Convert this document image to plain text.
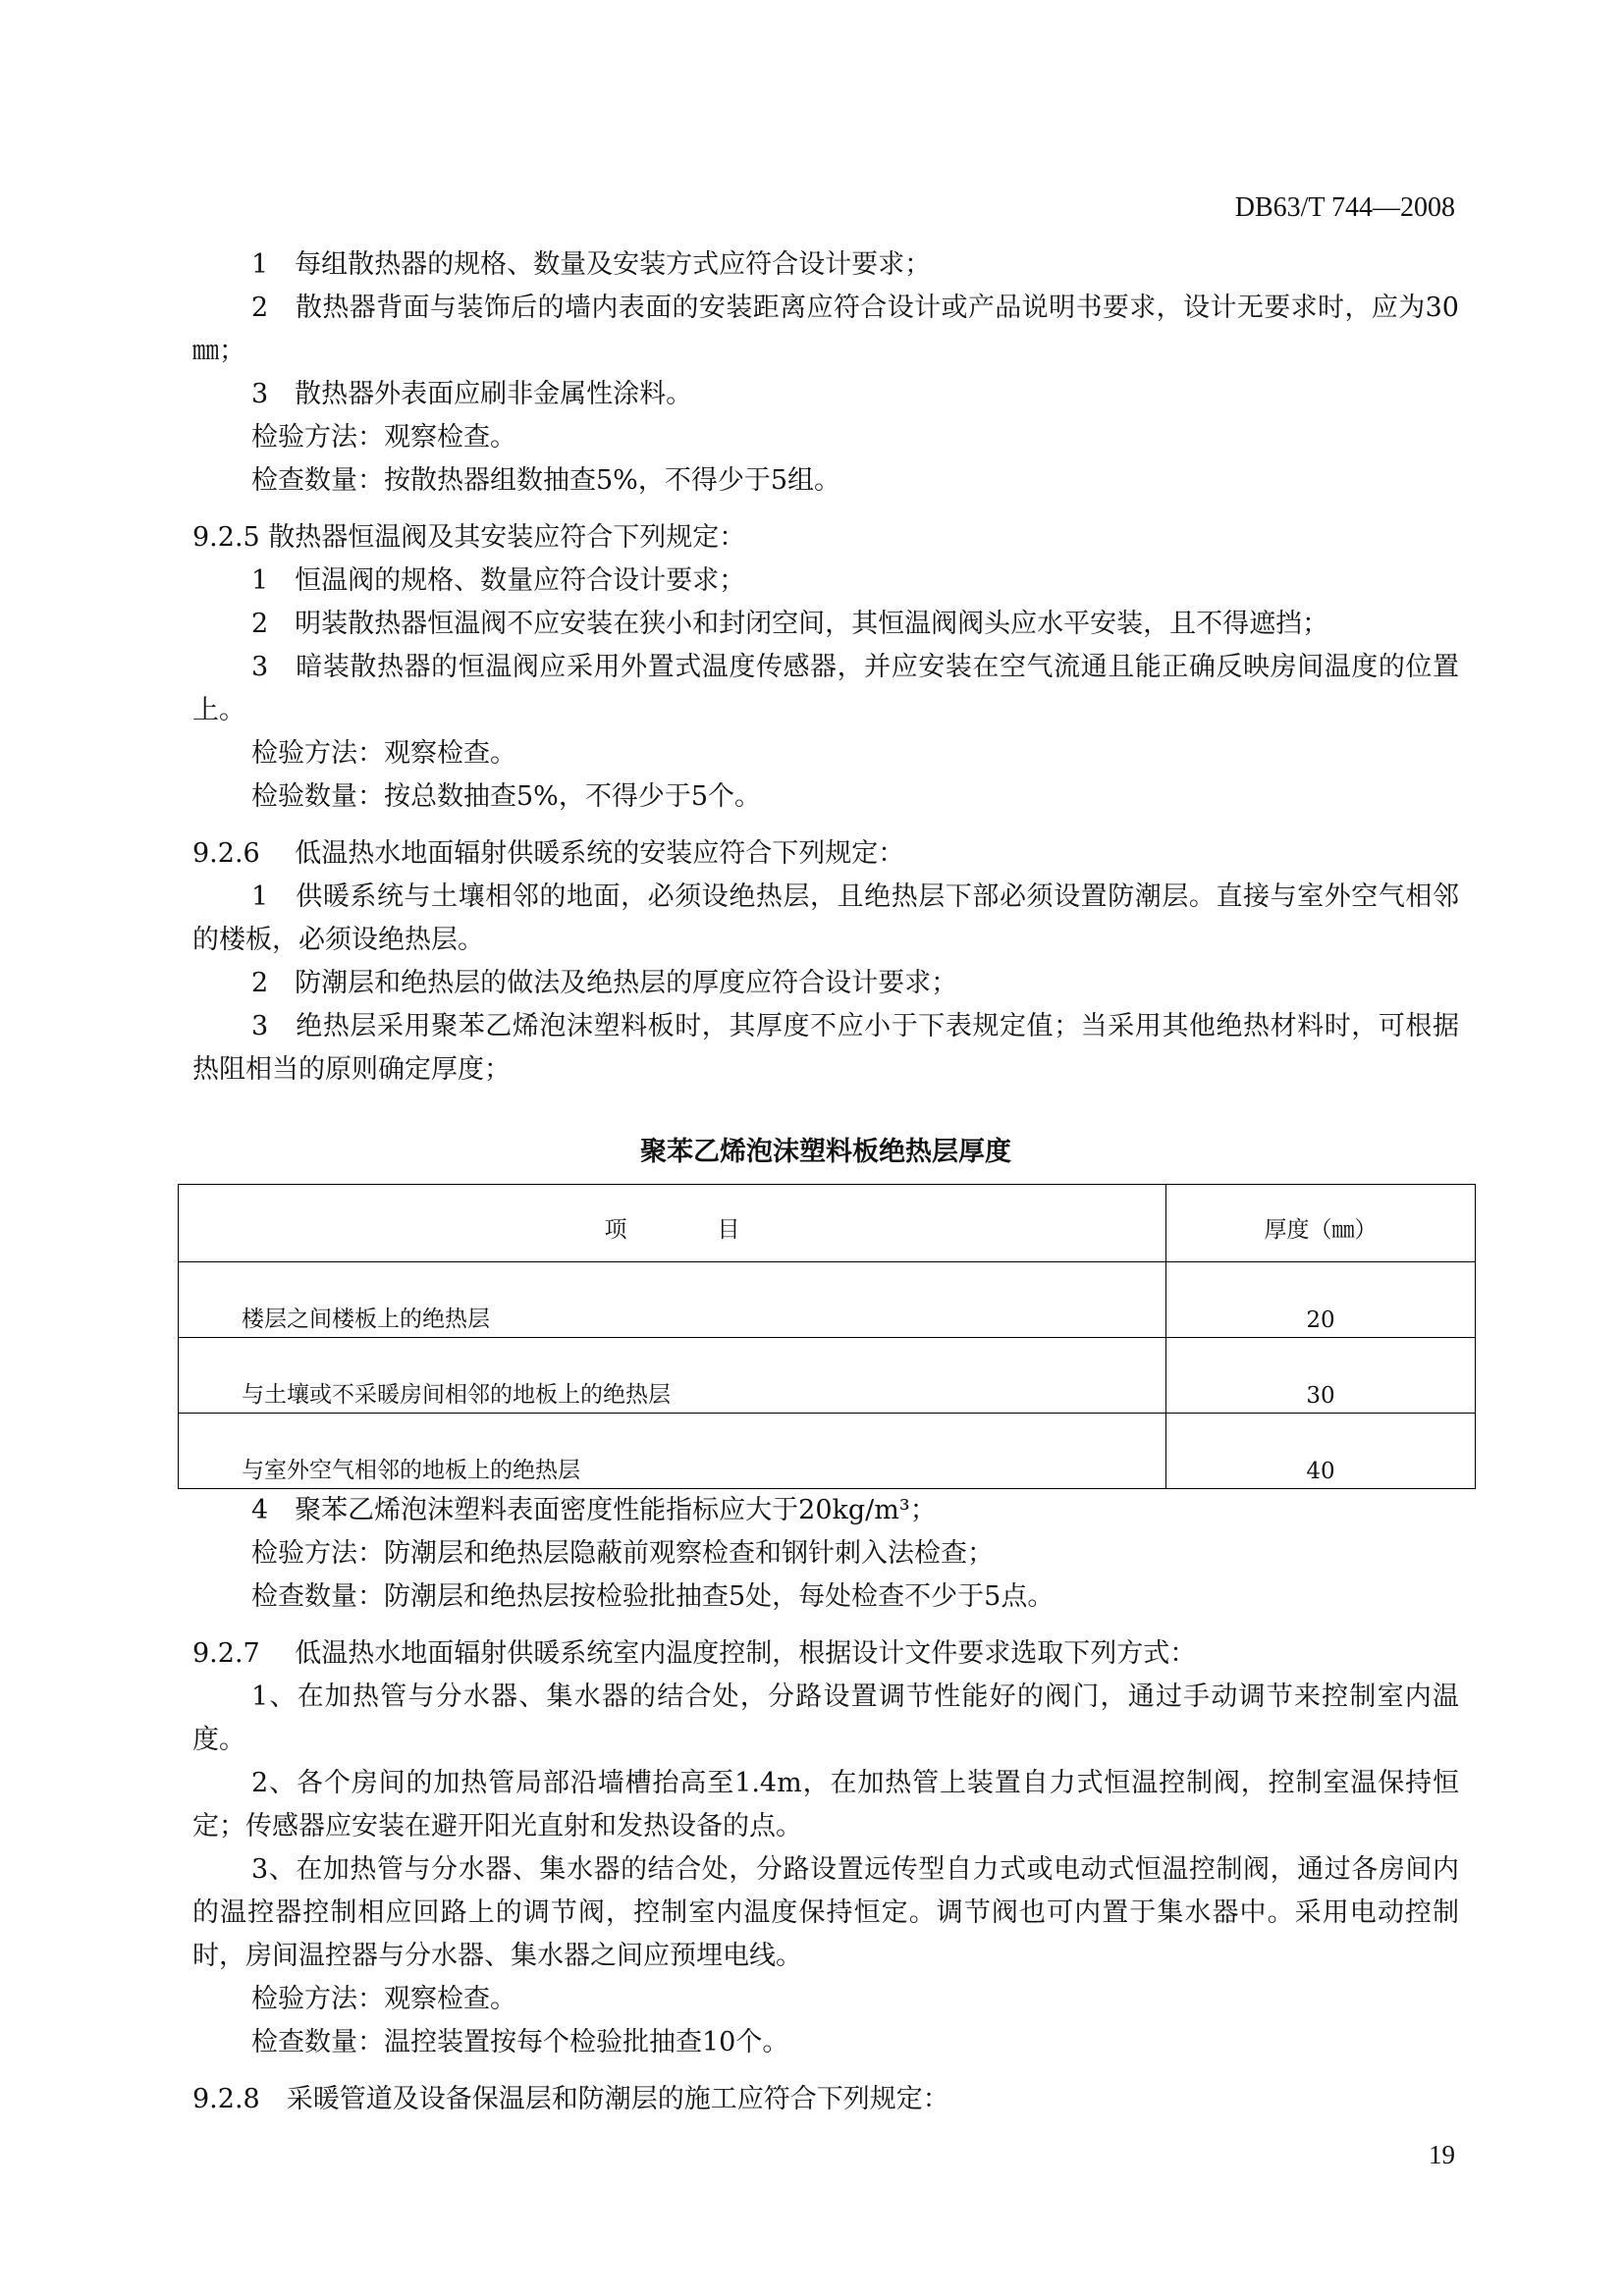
DB63/T 744—2008
1　每组散热器的规格、数量及安装方式应符合设计要求；
2　散热器背面与装饰后的墙内表面的安装距离应符合设计或产品说明书要求，设计无要求时，应为30㎜；
3　散热器外表面应刷非金属性涂料。
检验方法：观察检查。
检查数量：按散热器组数抽查5%，不得少于5组。
9.2.5 散热器恒温阀及其安装应符合下列规定：
1　恒温阀的规格、数量应符合设计要求；
2　明装散热器恒温阀不应安装在狭小和封闭空间，其恒温阀阀头应水平安装，且不得遮挡；
3　暗装散热器的恒温阀应采用外置式温度传感器，并应安装在空气流通且能正确反映房间温度的位置上。
检验方法：观察检查。
检验数量：按总数抽查5%，不得少于5个。
9.2.6　 低温热水地面辐射供暖系统的安装应符合下列规定：
1　供暖系统与土壤相邻的地面，必须设绝热层，且绝热层下部必须设置防潮层。直接与室外空气相邻的楼板，必须设绝热层。
2　防潮层和绝热层的做法及绝热层的厚度应符合设计要求；
3　绝热层采用聚苯乙烯泡沫塑料板时，其厚度不应小于下表规定值；当采用其他绝热材料时，可根据热阻相当的原则确定厚度；
聚苯乙烯泡沫塑料板绝热层厚度
项　　　　目	厚度（㎜）
楼层之间楼板上的绝热层	20
与土壤或不采暖房间相邻的地板上的绝热层	30
与室外空气相邻的地板上的绝热层	40
4　聚苯乙烯泡沫塑料表面密度性能指标应大于20kg/m³；
检验方法：防潮层和绝热层隐蔽前观察检查和钢针刺入法检查；
检查数量：防潮层和绝热层按检验批抽查5处，每处检查不少于5点。
9.2.7　 低温热水地面辐射供暖系统室内温度控制，根据设计文件要求选取下列方式：
1、在加热管与分水器、集水器的结合处，分路设置调节性能好的阀门，通过手动调节来控制室内温度。
2、各个房间的加热管局部沿墙槽抬高至1.4m，在加热管上装置自力式恒温控制阀，控制室温保持恒定；传感器应安装在避开阳光直射和发热设备的点。
3、在加热管与分水器、集水器的结合处，分路设置远传型自力式或电动式恒温控制阀，通过各房间内的温控器控制相应回路上的调节阀，控制室内温度保持恒定。调节阀也可内置于集水器中。采用电动控制时，房间温控器与分水器、集水器之间应预埋电线。
检验方法：观察检查。
检查数量：温控装置按每个检验批抽查10个。
9.2.8　采暖管道及设备保温层和防潮层的施工应符合下列规定：
19
